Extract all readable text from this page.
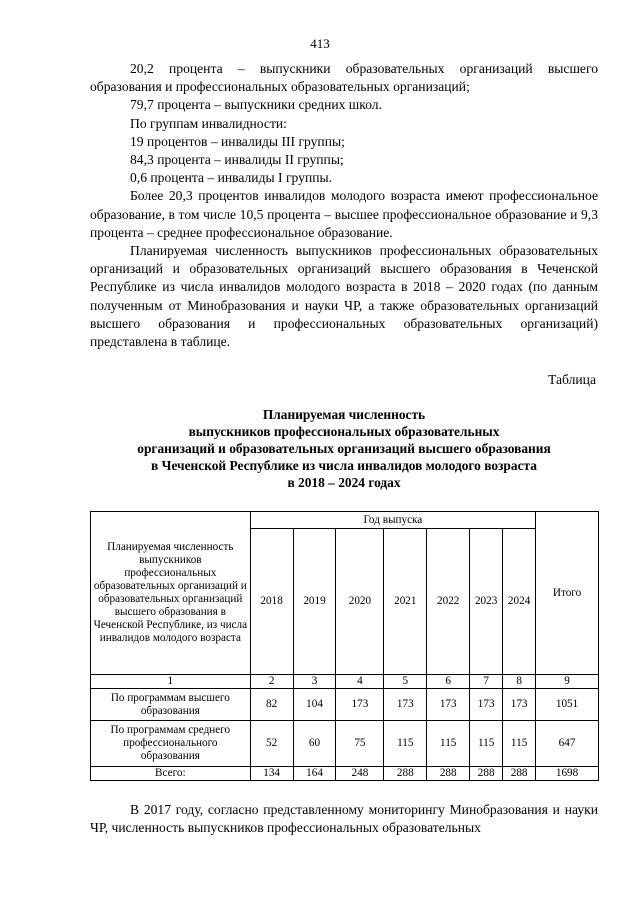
413

20,2 процента – выпускники образовательных организаций высшего образования и профессиональных образовательных организаций;

79,7 процента – выпускники средних школ.

По группам инвалидности:

19 процентов – инвалиды III группы;

84,3 процента – инвалиды II группы;

0,6 процента – инвалиды I группы.

Более 20,3 процентов инвалидов молодого возраста имеют профессиональное образование, в том числе 10,5 процента – высшее профессиональное образование и 9,3 процента – среднее профессиональное образование.

Планируемая численность выпускников профессиональных образовательных организаций и образовательных организаций высшего образования в Чеченской Республике из числа инвалидов молодого возраста в 2018 – 2020 годах (по данным полученным от Минобразования и науки ЧР, а также образовательных организаций высшего образования и профессиональных образовательных организаций) представлена в таблице.

Таблица
Планируемая численность
выпускников профессиональных образовательных
организаций и образовательных организаций высшего образования
в Чеченской Республике из числа инвалидов молодого возраста
в 2018 – 2024 годах
Планируемая численность выпускников профессиональных образовательных организаций и образовательных организаций высшего образования в Чеченской Республике, из числа инвалидов молодого возраста	Год выпуска							Итого
	2018	2019	2020	2021	2022	2023	2024	
1	2	3	4	5	6	7	8	9
По программам высшего образования	82	104	173	173	173	173	173	1051
По программам среднего профессионального образования	52	60	75	115	115	115	115	647
Всего:	134	164	248	288	288	288	288	1698

В 2017 году, согласно представленному мониторингу Минобразования и науки ЧР, численность выпускников профессиональных образовательных
